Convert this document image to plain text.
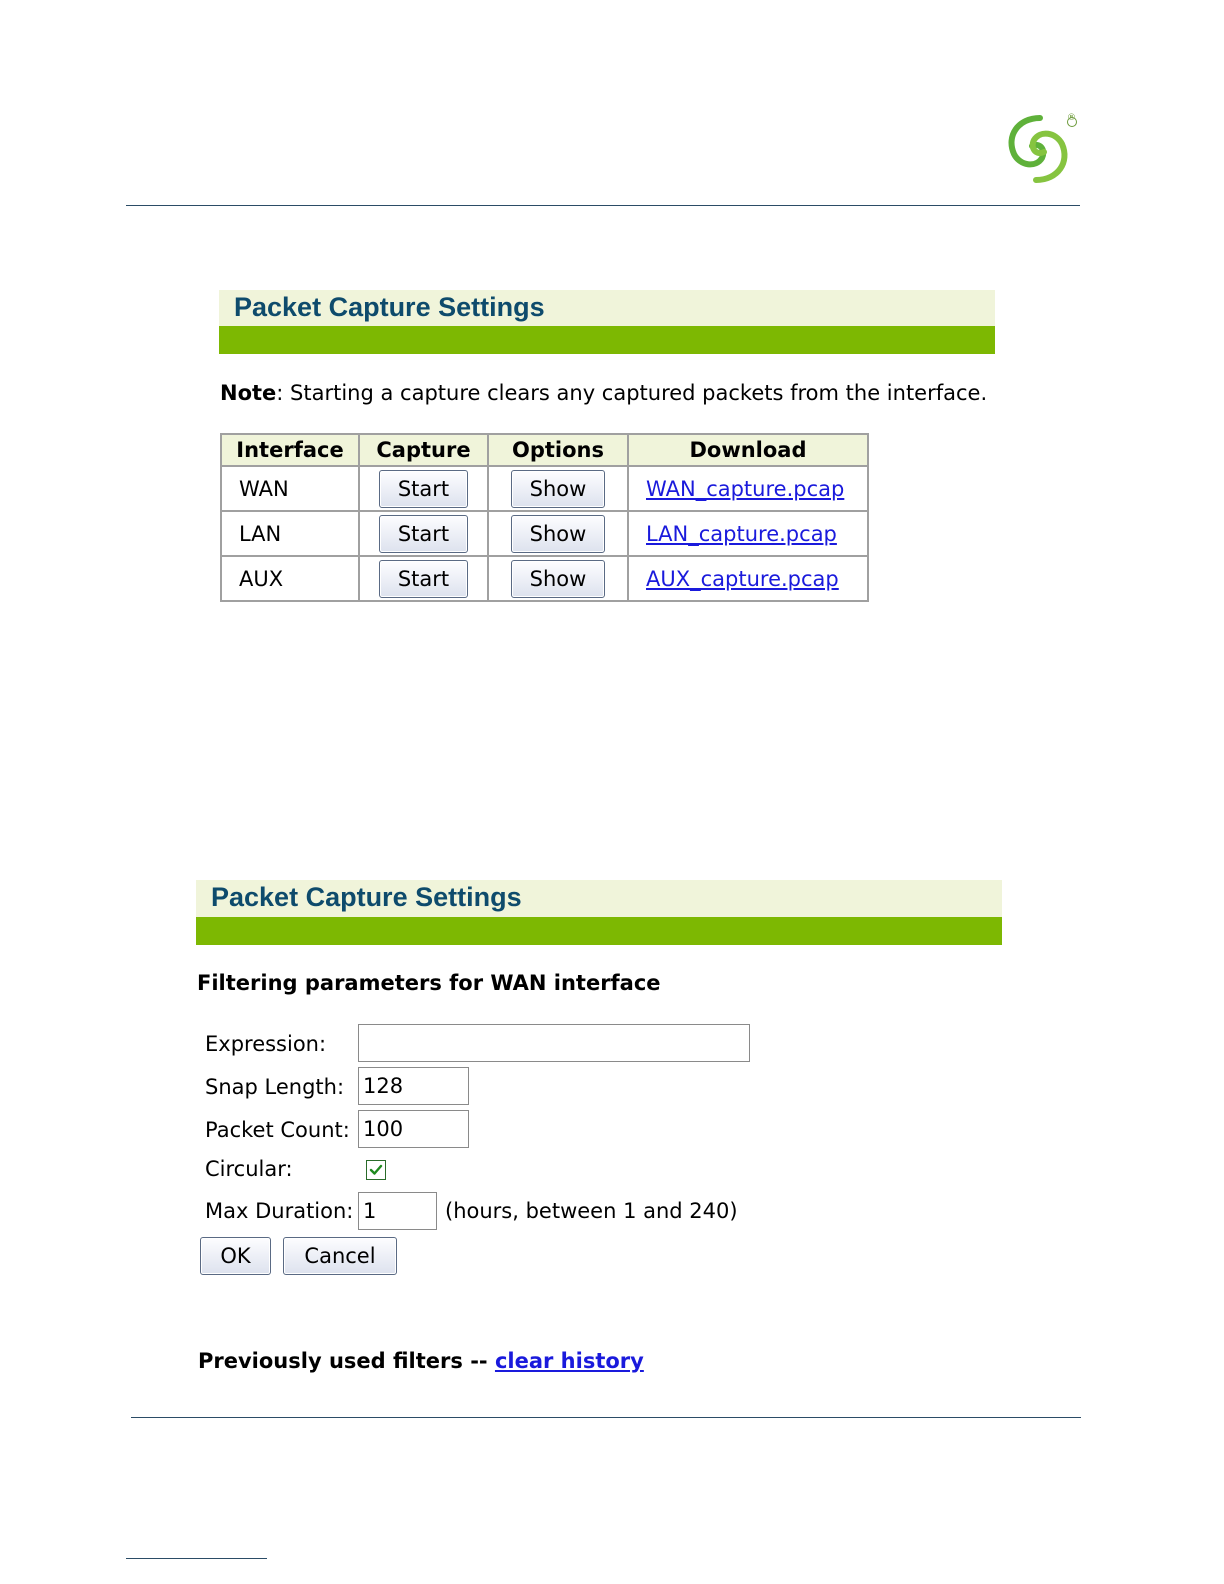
®
Packet Capture Settings
Note: Starting a capture clears any captured packets from the interface.
Interface	Capture	Options	Download
WAN	Start	Show	WAN_capture.pcap
LAN	Start	Show	LAN_capture.pcap
AUX	Start	Show	AUX_capture.pcap
Packet Capture Settings
Filtering parameters for WAN interface
Expression:
Snap Length:
128
Packet Count:
100
Circular:
Max Duration:
1	(hours, between 1 and 240)
OK	Cancel
Previously used filters -- clear history
